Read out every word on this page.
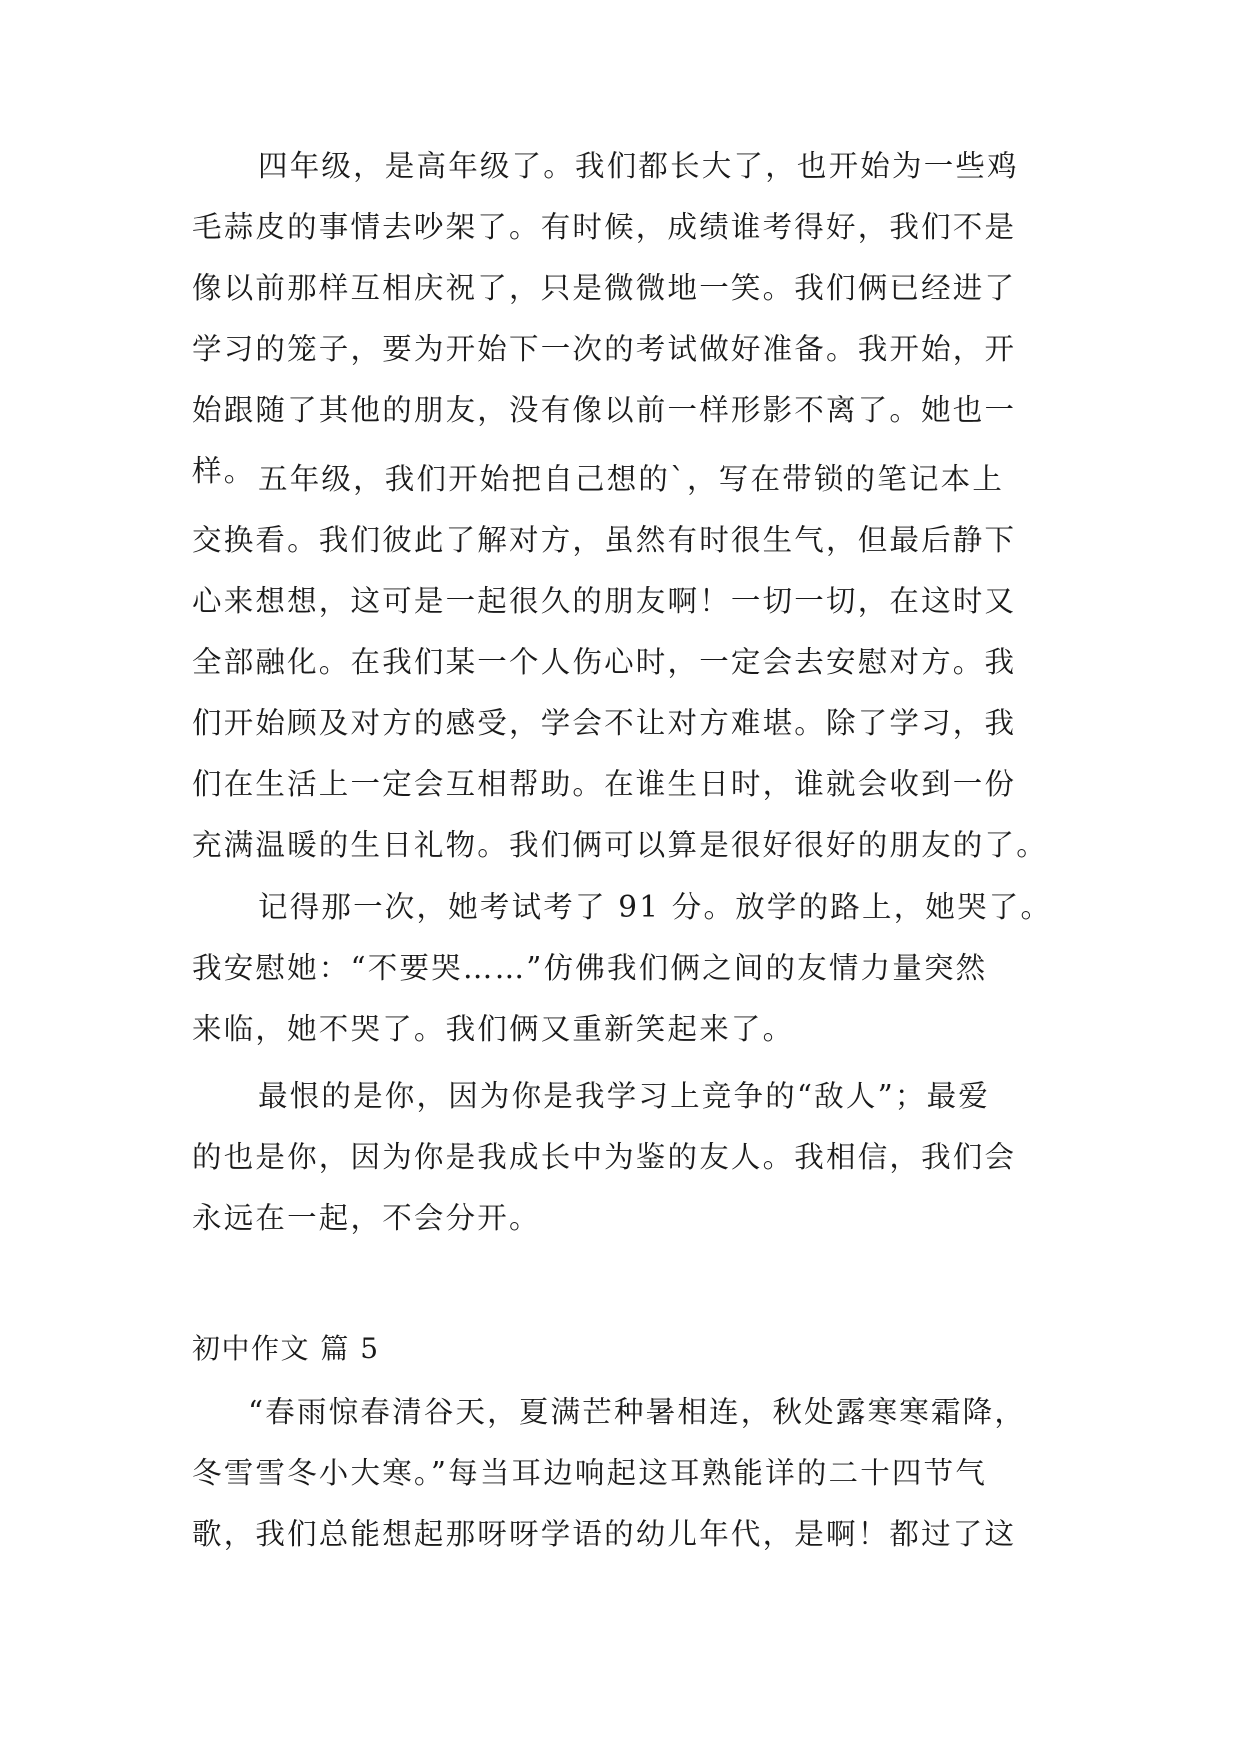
四年级，是高年级了。我们都长大了，也开始为一些鸡
毛蒜皮的事情去吵架了。有时候，成绩谁考得好，我们不是
像以前那样互相庆祝了，只是微微地一笑。我们俩已经进了
学习的笼子，要为开始下一次的考试做好准备。我开始，开
始跟随了其他的朋友，没有像以前一样形影不离了。她也一
样。 五年级，我们开始把自己想的`，写在带锁的笔记本上
交换看。我们彼此了解对方，虽然有时很生气，但最后静下
心来想想，这可是一起很久的朋友啊！一切一切，在这时又
全部融化。在我们某一个人伤心时，一定会去安慰对方。我
们开始顾及对方的感受，学会不让对方难堪。除了学习，我
们在生活上一定会互相帮助。在谁生日时，谁就会收到一份
充满温暖的生日礼物。我们俩可以算是很好很好的朋友的了。
记得那一次，她考试考了 91 分。放学的路上，她哭了。
我安慰她：“不要哭……”仿佛我们俩之间的友情力量突然
来临，她不哭了。我们俩又重新笑起来了。
最恨的是你，因为你是我学习上竞争的“敌人”；最爱
的也是你，因为你是我成长中为鉴的友人。我相信，我们会
永远在一起，不会分开。
初中作文 篇 5
“春雨惊春清谷天，夏满芒种暑相连，秋处露寒寒霜降，
冬雪雪冬小大寒。”每当耳边响起这耳熟能详的二十四节气
歌，我们总能想起那呀呀学语的幼儿年代，是啊！都过了这
